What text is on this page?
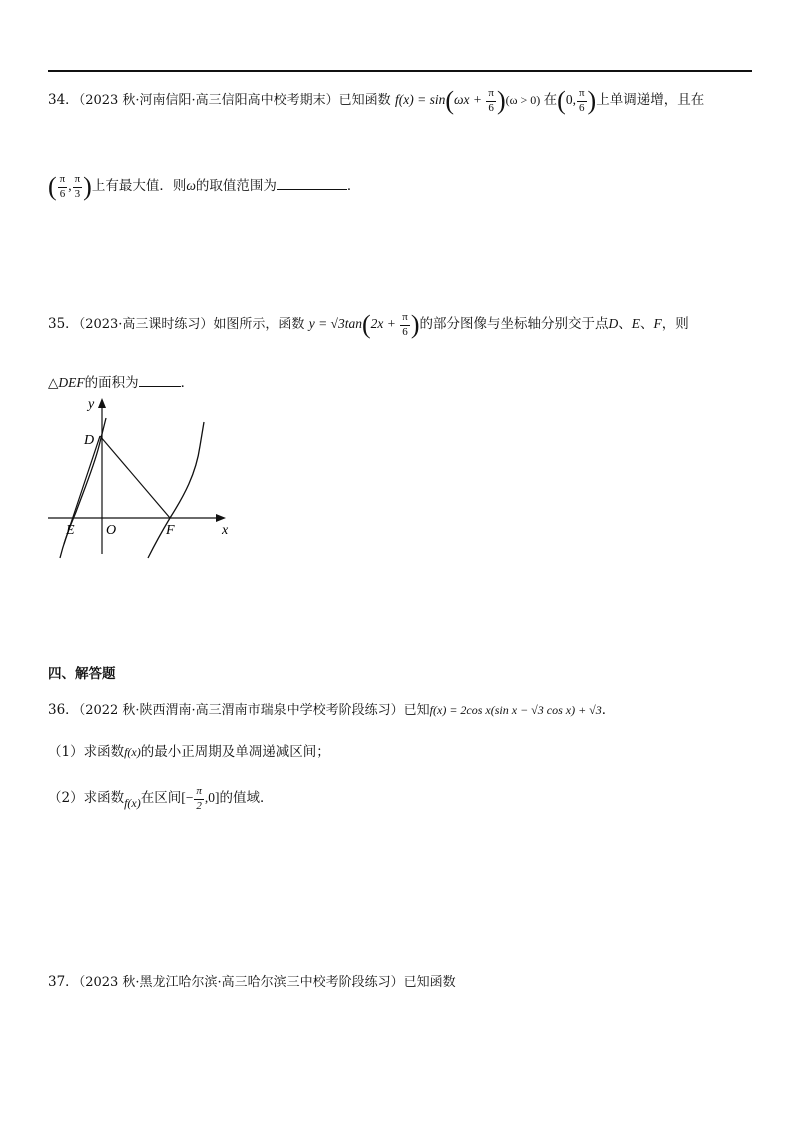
34．（2023 秋·河南信阳·高三信阳高中校考期末）已知函数 $f(x) = \sin(\omega x + \frac{\pi}{6} )(\omega > 0)$ 在(0, $\frac{\pi}{6}$ )上单调递增，且在
( $\frac{\pi}{6}$ , $\frac{\pi}{3}$ )上有最大值．则ω的取值范围为	．
35．（2023·高三课时练习）如图所示，函数 $y = √3\tan(2x + \frac{\pi}{6}$ )的部分图像与坐标轴分别交于点D、E、F，则
△DEF的面积为	．
y
x
D
E O	F
四、解答题
36．（2022 秋·陕西渭南·高三渭南市瑞泉中学校考阶段练习）已知f(x) = 2cos x(sin x − √3 cos x) + √3．
（1）求函数f(x)的最小正周期及单凋递减区间；
（2）求函数f(x)在区间[− $\frac{\pi}{2} ,0$]的值域．
37．（2023 秋·黑龙江哈尔滨·高三哈尔滨三中校考阶段练习）已知函数
